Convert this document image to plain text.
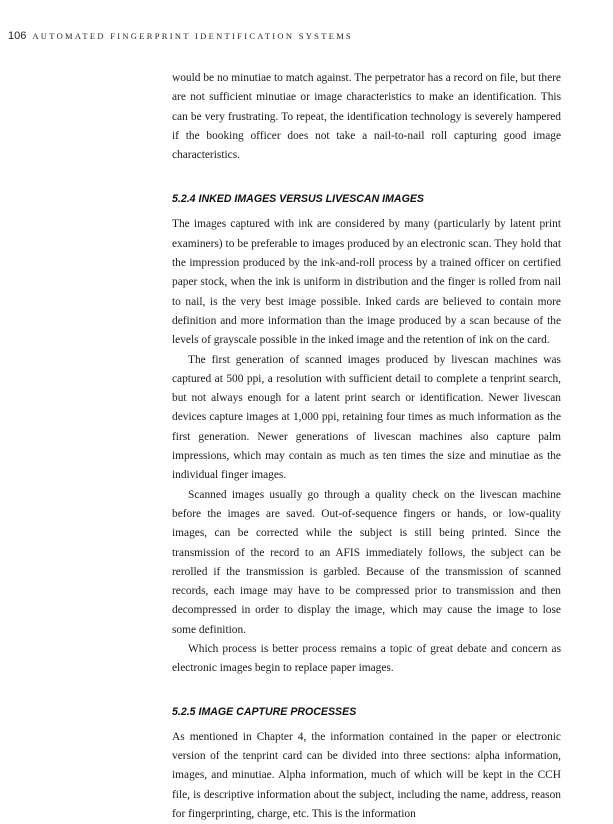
106 AUTOMATED FINGERPRINT IDENTIFICATION SYSTEMS

would be no minutiae to match against. The perpetrator has a record on file, but there are not sufficient minutiae or image characteristics to make an identification. This can be very frustrating. To repeat, the identification technology is severely hampered if the booking officer does not take a nail-to-nail roll capturing good image characteristics.

5.2.4 INKED IMAGES VERSUS LIVESCAN IMAGES

The images captured with ink are considered by many (particularly by latent print examiners) to be preferable to images produced by an electronic scan. They hold that the impression produced by the ink-and-roll process by a trained officer on certified paper stock, when the ink is uniform in distribution and the finger is rolled from nail to nail, is the very best image possible. Inked cards are believed to contain more definition and more information than the image produced by a scan because of the levels of grayscale possible in the inked image and the retention of ink on the card.

The first generation of scanned images produced by livescan machines was captured at 500 ppi, a resolution with sufficient detail to complete a tenprint search, but not always enough for a latent print search or identification. Newer livescan devices capture images at 1,000 ppi, retaining four times as much information as the first generation. Newer generations of livescan machines also capture palm impressions, which may contain as much as ten times the size and minutiae as the individual finger images.

Scanned images usually go through a quality check on the livescan machine before the images are saved. Out-of-sequence fingers or hands, or low-quality images, can be corrected while the subject is still being printed. Since the transmission of the record to an AFIS immediately follows, the subject can be rerolled if the transmission is garbled. Because of the transmission of scanned records, each image may have to be compressed prior to transmission and then decompressed in order to display the image, which may cause the image to lose some definition.

Which process is better process remains a topic of great debate and concern as electronic images begin to replace paper images.

5.2.5 IMAGE CAPTURE PROCESSES

As mentioned in Chapter 4, the information contained in the paper or electronic version of the tenprint card can be divided into three sections: alpha information, images, and minutiae. Alpha information, much of which will be kept in the CCH file, is descriptive information about the subject, including the name, address, reason for fingerprinting, charge, etc. This is the information
